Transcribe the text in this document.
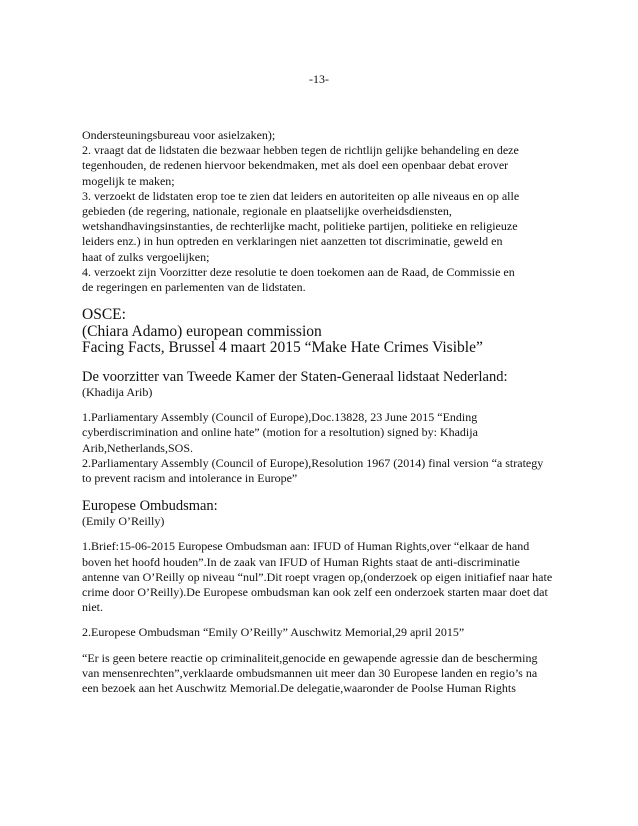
-13-
Ondersteuningsbureau voor asielzaken);
2. vraagt dat de lidstaten die bezwaar hebben tegen de richtlijn gelijke behandeling en deze
tegenhouden, de redenen hiervoor bekendmaken, met als doel een openbaar debat erover
mogelijk te maken;
3. verzoekt de lidstaten erop toe te zien dat leiders en autoriteiten op alle niveaus en op alle
gebieden (de regering, nationale, regionale en plaatselijke overheidsdiensten,
wetshandhavingsinstanties, de rechterlijke macht, politieke partijen, politieke en religieuze
leiders enz.) in hun optreden en verklaringen niet aanzetten tot discriminatie, geweld en
haat of zulks vergoelijken;
4. verzoekt zijn Voorzitter deze resolutie te doen toekomen aan de Raad, de Commissie en
de regeringen en parlementen van de lidstaten.
OSCE:
(Chiara Adamo) european commission
Facing Facts, Brussel 4 maart 2015 “Make Hate Crimes Visible”
De voorzitter van Tweede Kamer der Staten-Generaal lidstaat Nederland:
(Khadija Arib)
1.Parliamentary Assembly (Council of Europe),Doc.13828, 23 June 2015 “Ending
cyberdiscrimination and online hate” (motion for a resoltution) signed by: Khadija
Arib,Netherlands,SOS.
2.Parliamentary Assembly (Council of Europe),Resolution 1967 (2014) final version “a strategy
to prevent racism and intolerance in Europe”
Europese Ombudsman:
(Emily O’Reilly)
1.Brief:15-06-2015 Europese Ombudsman aan: IFUD of Human Rights,over “elkaar de hand
boven het hoofd houden”.In de zaak van IFUD of Human Rights staat de anti-discriminatie
antenne van O’Reilly op niveau “nul”.Dit roept vragen op,(onderzoek op eigen initiafief naar hate
crime door O’Reilly).De Europese ombudsman kan ook zelf een onderzoek starten maar doet dat
niet.
2.Europese Ombudsman “Emily O’Reilly” Auschwitz Memorial,29 april 2015”
“Er is geen betere reactie op criminaliteit,genocide en gewapende agressie dan de bescherming
van mensenrechten”,verklaarde ombudsmannen uit meer dan 30 Europese landen en regio’s na
een bezoek aan het Auschwitz Memorial.De delegatie,waaronder de Poolse Human Rights
